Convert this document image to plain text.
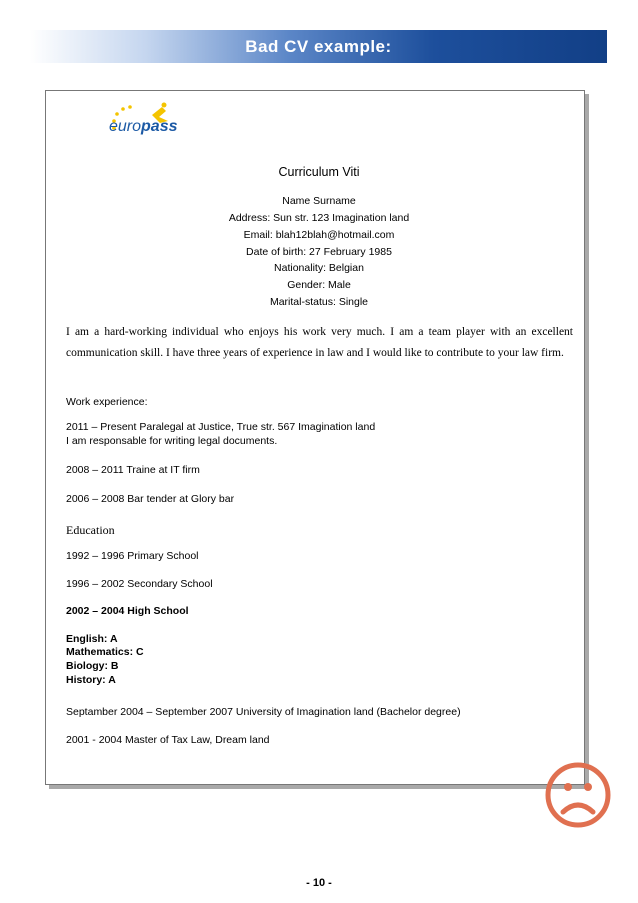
Bad CV example:
europass
Curriculum Viti
Name Surname
Address: Sun str. 123 Imagination land
Email: blah12blah@hotmail.com
Date of birth: 27 February 1985
Nationality: Belgian
Gender: Male
Marital-status: Single
I am a hard-working individual who enjoys his work very much. I am a team player with an excellent communication skill. I have three years of experience in law and I would like to contribute to your law firm.
Work experience:
2011 – Present Paralegal at Justice, True str. 567 Imagination land
I am responsable for writing legal documents.
2008 – 2011 Traine at IT firm
2006 – 2008 Bar tender at Glory bar
Education
1992 – 1996 Primary School
1996 – 2002 Secondary School
2002 – 2004 High School
English: A
Mathematics: C
Biology: B
History: A
Septamber 2004 – September 2007 University of Imagination land (Bachelor degree)
2001 - 2004 Master of Tax Law, Dream land
- 10 -
